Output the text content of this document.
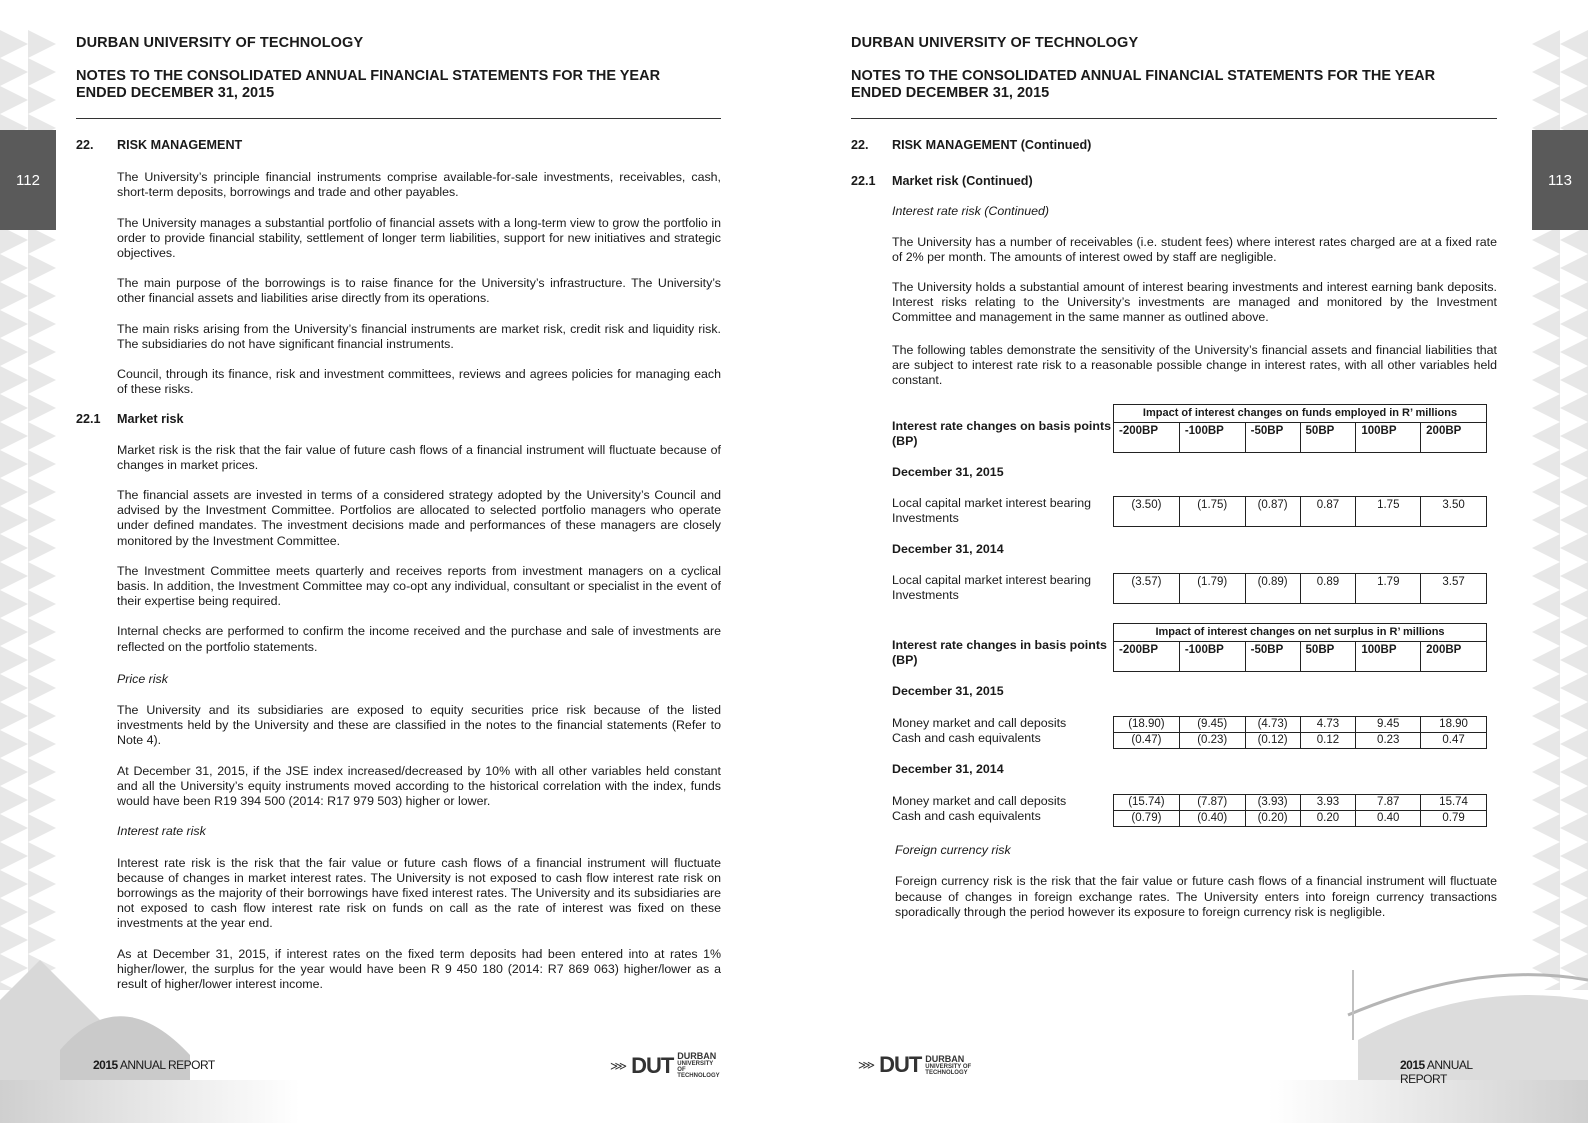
112	113
DURBAN UNIVERSITY OF TECHNOLOGY
NOTES TO THE CONSOLIDATED ANNUAL FINANCIAL STATEMENTS FOR THE YEAR ENDED DECEMBER 31, 2015
22.	RISK MANAGEMENT

The University’s principle financial instruments comprise available-for-sale investments, receivables, cash, short-term deposits, borrowings and trade and other payables.

The University manages a substantial portfolio of financial assets with a long-term view to grow the portfolio in order to provide financial stability, settlement of longer term liabilities, support for new initiatives and strategic objectives.

The main purpose of the borrowings is to raise finance for the University’s infrastructure. The University’s other financial assets and liabilities arise directly from its operations.

The main risks arising from the University’s financial instruments are market risk, credit risk and liquidity risk. The subsidiaries do not have significant financial instruments.

Council, through its finance, risk and investment committees, reviews and agrees policies for managing each of these risks.

22.1	Market risk

Market risk is the risk that the fair value of future cash flows of a financial instrument will fluctuate because of changes in market prices.

The financial assets are invested in terms of a considered strategy adopted by the University’s Council and advised by the Investment Committee. Portfolios are allocated to selected portfolio managers who operate under defined mandates. The investment decisions made and performances of these managers are closely monitored by the Investment Committee.

The Investment Committee meets quarterly and receives reports from investment managers on a cyclical basis. In addition, the Investment Committee may co-opt any individual, consultant or specialist in the event of their expertise being required.

Internal checks are performed to confirm the income received and the purchase and sale of investments are reflected on the portfolio statements.

Price risk

The University and its subsidiaries are exposed to equity securities price risk because of the listed investments held by the University and these are classified in the notes to the financial statements (Refer to Note 4).

At December 31, 2015, if the JSE index increased/decreased by 10% with all other variables held constant and all the University’s equity instruments moved according to the historical correlation with the index, funds would have been R19 394 500 (2014: R17 979 503) higher or lower.

Interest rate risk

Interest rate risk is the risk that the fair value or future cash flows of a financial instrument will fluctuate because of changes in market interest rates. The University is not exposed to cash flow interest rate risk on borrowings as the majority of their borrowings have fixed interest rates. The University and its subsidiaries are not exposed to cash flow interest rate risk on funds on call as the rate of interest was fixed on these investments at the year end.

As at December 31, 2015, if interest rates on the fixed term deposits had been entered into at rates 1% higher/lower, the surplus for the year would have been R 9 450 180 (2014: R7 869 063) higher/lower as a result of higher/lower interest income.

2015 ANNUAL REPORT	⋙ DUT DURBAN
UNIVERSITY OF
TECHNOLOGY
DURBAN UNIVERSITY OF TECHNOLOGY
NOTES TO THE CONSOLIDATED ANNUAL FINANCIAL STATEMENTS FOR THE YEAR ENDED DECEMBER 31, 2015
22.	RISK MANAGEMENT (Continued)
22.1	Market risk (Continued)

Interest rate risk (Continued)

The University has a number of receivables (i.e. student fees) where interest rates charged are at a fixed rate of 2% per month. The amounts of interest owed by staff are negligible.

The University holds a substantial amount of interest bearing investments and interest earning bank deposits. Interest risks relating to the University’s investments are managed and monitored by the Investment Committee and management in the same manner as outlined above.

The following tables demonstrate the sensitivity of the University’s financial assets and financial liabilities that are subject to interest rate risk to a reasonable possible change in interest rates, with all other variables held constant.

Impact of interest changes on funds employed in R’ millions
-200BP	-100BP	-50BP	50BP	100BP	200BP
Interest rate changes on basis points (BP)
December 31, 2015
Local capital market interest bearing Investments
(3.50)	(1.75)	(0.87)	0.87	1.75	3.50
December 31, 2014
Local capital market interest bearing Investments
(3.57)	(1.79)	(0.89)	0.89	1.79	3.57
Impact of interest changes on net surplus in R’ millions
-200BP	-100BP	-50BP	50BP	100BP	200BP
Interest rate changes in basis points (BP)
December 31, 2015
Money market and call deposits
Cash and cash equivalents
(18.90)	(9.45)	(4.73)	4.73	9.45	18.90
(0.47)	(0.23)	(0.12)	0.12	0.23	0.47
December 31, 2014
Money market and call deposits
Cash and cash equivalents
(15.74)	(7.87)	(3.93)	3.93	7.87	15.74
(0.79)	(0.40)	(0.20)	0.20	0.40	0.79

Foreign currency risk

Foreign currency risk is the risk that the fair value or future cash flows of a financial instrument will fluctuate because of changes in foreign exchange rates. The University enters into foreign currency transactions sporadically through the period however its exposure to foreign currency risk is negligible.

⋙ DUT DURBAN
UNIVERSITY OF
TECHNOLOGY
2015 ANNUAL REPORT
